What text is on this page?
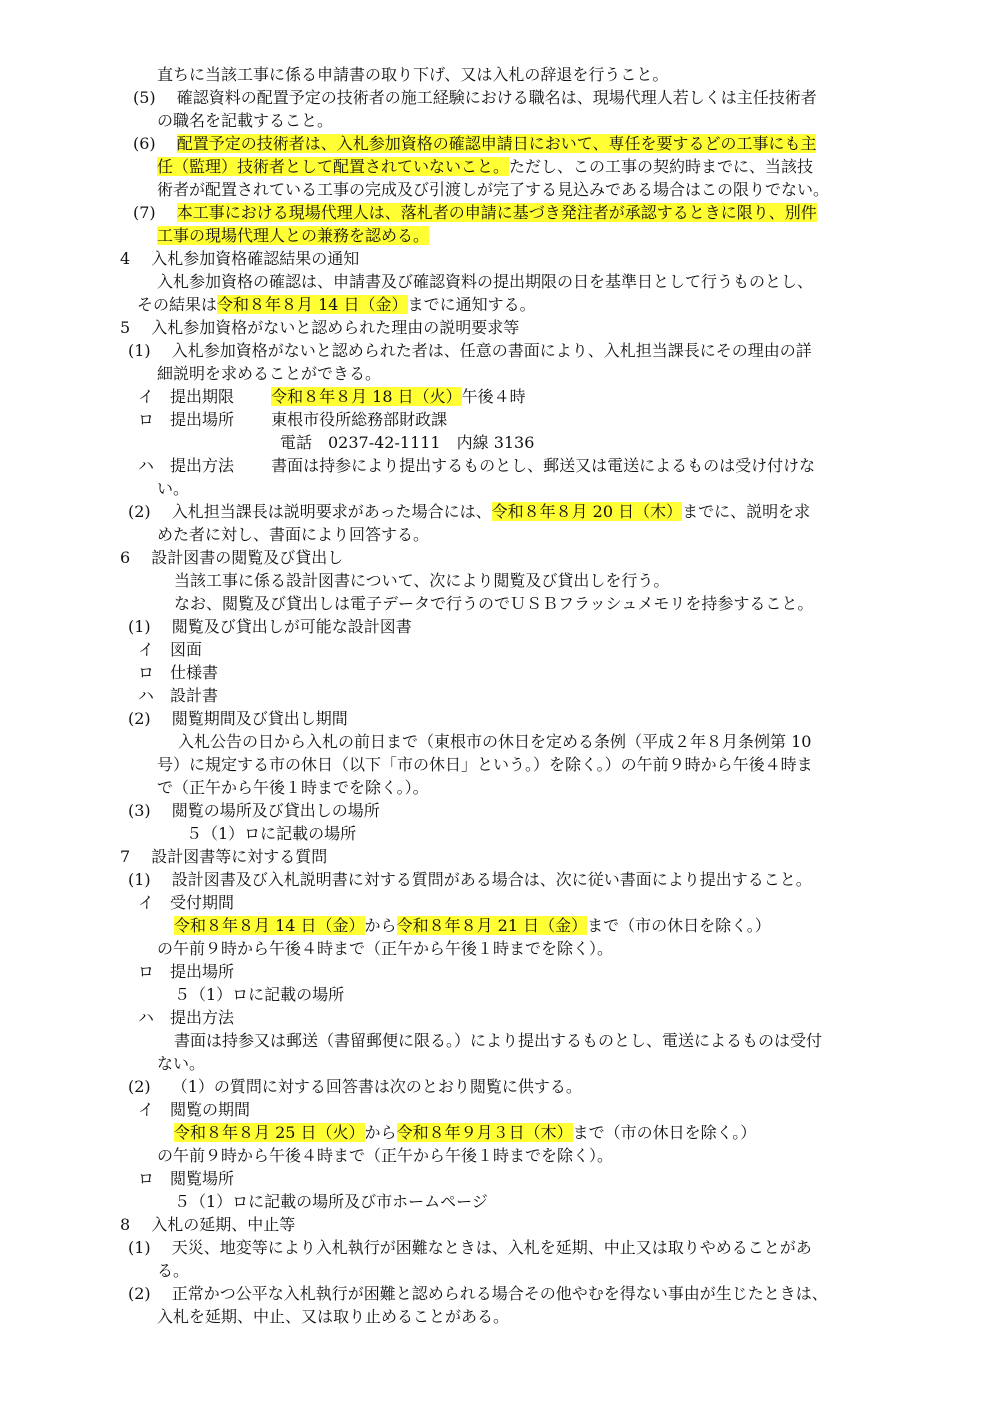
直ちに当該工事に係る申請書の取り下げ、又は入札の辞退を行うこと。
(5)　 確認資料の配置予定の技術者の施工経験における職名は、現場代理人若しくは主任技術者
の職名を記載すること。
(6)　 配置予定の技術者は、入札参加資格の確認申請日において、専任を要するどの工事にも主
任（監理）技術者として配置されていないこと。ただし、この工事の契約時までに、当該技
術者が配置されている工事の完成及び引渡しが完了する見込みである場合はこの限りでない。
(7)　 本工事における現場代理人は、落札者の申請に基づき発注者が承認するときに限り、別件
工事の現場代理人との兼務を認める。
4　 入札参加資格確認結果の通知
入札参加資格の確認は、申請書及び確認資料の提出期限の日を基準日として行うものとし、
その結果は令和８年８月 14 日（金）までに通知する。
5　 入札参加資格がないと認められた理由の説明要求等
(1)　 入札参加資格がないと認められた者は、任意の書面により、入札担当課長にその理由の詳
細説明を求めることができる。
イ　提出期限　　 令和８年８月 18 日（火）午後４時
ロ　提出場所　　 東根市役所総務部財政課
電話　0237-42-1111　内線 3136
ハ　提出方法　　 書面は持参により提出するものとし、郵送又は電送によるものは受け付けな
い。
(2)　 入札担当課長は説明要求があった場合には、令和８年８月 20 日（木）までに、説明を求
めた者に対し、書面により回答する。
6　 設計図書の閲覧及び貸出し
当該工事に係る設計図書について、次により閲覧及び貸出しを行う。
なお、閲覧及び貸出しは電子データで行うのでＵＳＢフラッシュメモリを持参すること。
(1)　 閲覧及び貸出しが可能な設計図書
イ　図面
ロ　仕様書
ハ　設計書
(2)　 閲覧期間及び貸出し期間
入札公告の日から入札の前日まで（東根市の休日を定める条例（平成２年８月条例第 10
号）に規定する市の休日（以下「市の休日」という。）を除く。）の午前９時から午後４時ま
で（正午から午後１時までを除く。）。
(3)　 閲覧の場所及び貸出しの場所
５（1）ロに記載の場所
7　 設計図書等に対する質問
(1)　 設計図書及び入札説明書に対する質問がある場合は、次に従い書面により提出すること。
イ　受付期間
令和８年８月 14 日（金）から令和８年８月 21 日（金）まで（市の休日を除く。）
の午前９時から午後４時まで（正午から午後１時までを除く）。
ロ　提出場所
５（1）ロに記載の場所
ハ　提出方法
書面は持参又は郵送（書留郵便に限る。）により提出するものとし、電送によるものは受付
ない。
(2)　 （1）の質問に対する回答書は次のとおり閲覧に供する。
イ　閲覧の期間
令和８年８月 25 日（火）から令和８年９月３日（木）まで（市の休日を除く。）
の午前９時から午後４時まで（正午から午後１時までを除く）。
ロ　閲覧場所
５（1）ロに記載の場所及び市ホームページ
8　 入札の延期、中止等
(1)　 天災、地変等により入札執行が困難なときは、入札を延期、中止又は取りやめることがあ
る。
(2)　 正常かつ公平な入札執行が困難と認められる場合その他やむを得ない事由が生じたときは、
入札を延期、中止、又は取り止めることがある。
